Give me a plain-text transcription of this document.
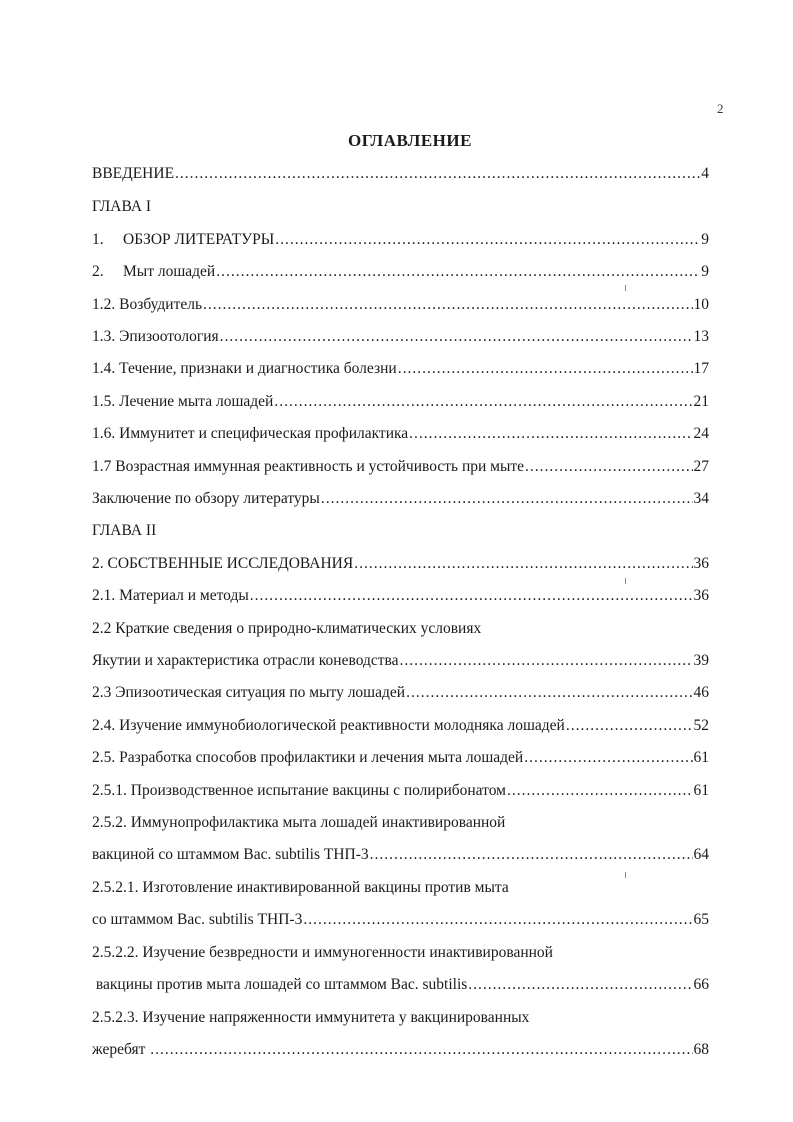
2
ОГЛАВЛЕНИЕ
ВВЕДЕНИЕ .....	4
ГЛАВА I
1.     ОБЗОР ЛИТЕРАТУРЫ .....	9
2.     Мыт лошадей .....	9
1.2. Возбудитель .....	10
1.3. Эпизоотология .....	13
1.4. Течение, признаки и диагностика болезни .....	17
1.5. Лечение мыта лошадей .....	21
1.6. Иммунитет и специфическая профилактика .....	24
1.7 Возрастная иммунная реактивность и устойчивость при мыте .....	27
Заключение по обзору литературы .....	34
ГЛАВА II
2. СОБСТВЕННЫЕ ИССЛЕДОВАНИЯ .....	36
2.1. Материал и методы .....	36
2.2 Краткие сведения о природно-климатических условиях
Якутии и характеристика отрасли коневодства .....	39
2.3 Эпизоотическая ситуация по мыту лошадей .....	46
2.4. Изучение иммунобиологической реактивности молодняка лошадей .....	52
2.5. Разработка способов профилактики и лечения мыта лошадей .....	61
2.5.1. Производственное испытание вакцины с полирибонатом .....	61
2.5.2. Иммунопрофилактика мыта лошадей инактивированной
вакциной со штаммом Bac. subtilis ТНП-3 .....	64
2.5.2.1. Изготовление инактивированной вакцины против мыта
со штаммом Bac. subtilis ТНП-3 .....	65
2.5.2.2. Изучение безвредности и иммуногенности инактивированной
вакцины против мыта лошадей со штаммом Bac. subtilis .....	66
2.5.2.3. Изучение напряженности иммунитета у вакцинированных
жеребят .....	68
